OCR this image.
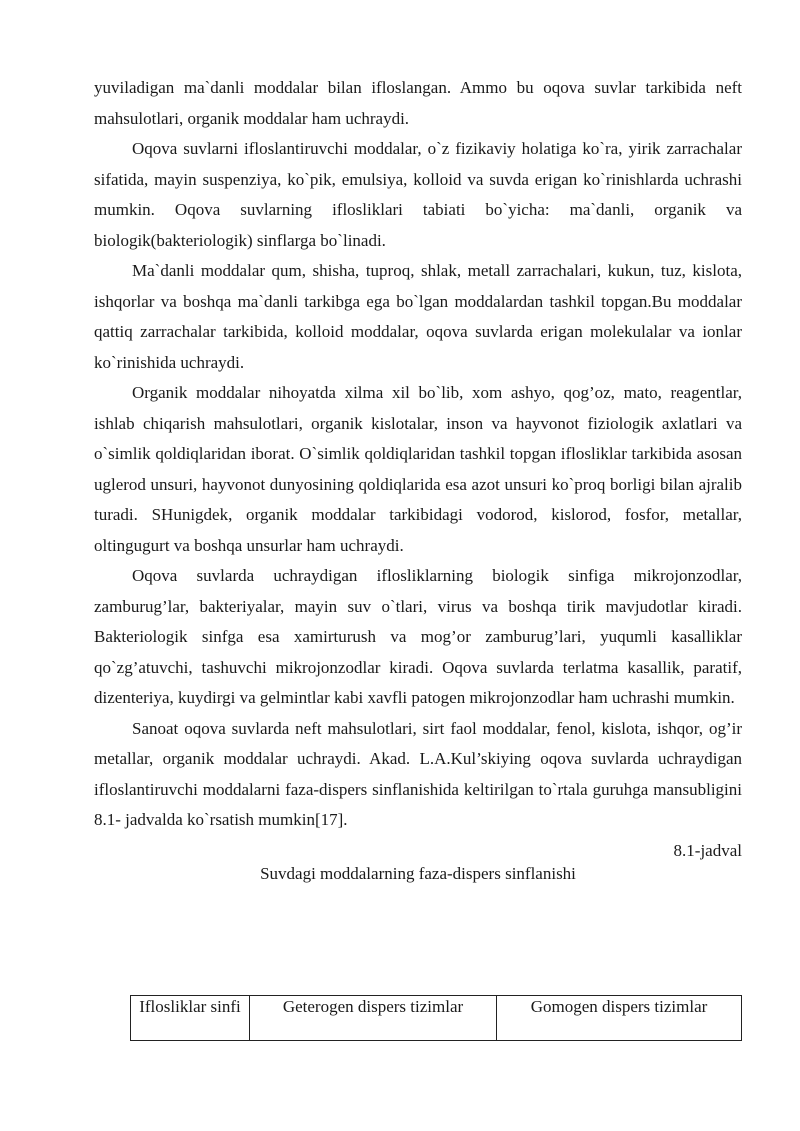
yuviladigan ma`danli moddalar bilan ifloslangan. Ammo bu oqova suvlar tarkibida neft mahsulotlari, organik moddalar ham uchraydi.

Oqova suvlarni ifloslantiruvchi moddalar, o`z fizikaviy holatiga ko`ra, yirik zarrachalar sifatida, mayin suspenziya, ko`pik, emulsiya, kolloid va suvda erigan ko`rinishlarda uchrashi mumkin. Oqova suvlarning iflosliklari tabiati bo`yicha: ma`danli, organik va biologik(bakteriologik) sinflarga bo`linadi.

Ma`danli moddalar qum, shisha, tuproq, shlak, metall zarrachalari, kukun, tuz, kislota, ishqorlar va boshqa ma`danli tarkibga ega bo`lgan moddalardan tashkil topgan.Bu moddalar qattiq zarrachalar tarkibida, kolloid moddalar, oqova suvlarda erigan molekulalar va ionlar ko`rinishida uchraydi.

Organik moddalar nihoyatda xilma xil bo`lib, xom ashyo, qog’oz, mato, reagentlar, ishlab chiqarish mahsulotlari, organik kislotalar, inson va hayvonot fiziologik axlatlari va o`simlik qoldiqlaridan iborat. O`simlik qoldiqlaridan tashkil topgan iflosliklar tarkibida asosan uglerod unsuri, hayvonot dunyosining qoldiqlarida esa azot unsuri ko`proq borligi bilan ajralib turadi. SHunigdek, organik moddalar tarkibidagi vodorod, kislorod, fosfor, metallar, oltingugurt va boshqa unsurlar ham uchraydi.

Oqova suvlarda uchraydigan iflosliklarning biologik sinfiga mikrojonzodlar, zamburug’lar, bakteriyalar, mayin suv o`tlari, virus va boshqa tirik mavjudotlar kiradi. Bakteriologik sinfga esa xamirturush va mog’or zamburug’lari, yuqumli kasalliklar qo`zg’atuvchi, tashuvchi mikrojonzodlar kiradi. Oqova suvlarda terlatma kasallik, paratif, dizenteriya, kuydirgi va gelmintlar kabi xavfli patogen mikrojonzodlar ham uchrashi mumkin.

Sanoat oqova suvlarda neft mahsulotlari, sirt faol moddalar, fenol, kislota, ishqor, og’ir metallar, organik moddalar uchraydi. Akad. L.A.Kul’skiying oqova suvlarda uchraydigan ifloslantiruvchi moddalarni faza-dispers sinflanishida keltirilgan to`rtala guruhga mansubligini 8.1- jadvalda ko`rsatish mumkin[17].

8.1-jadval
Suvdagi moddalarning faza-dispers sinflanishi
Iflosliklar sinfi	Geterogen dispers tizimlar	Gomogen dispers tizimlar
